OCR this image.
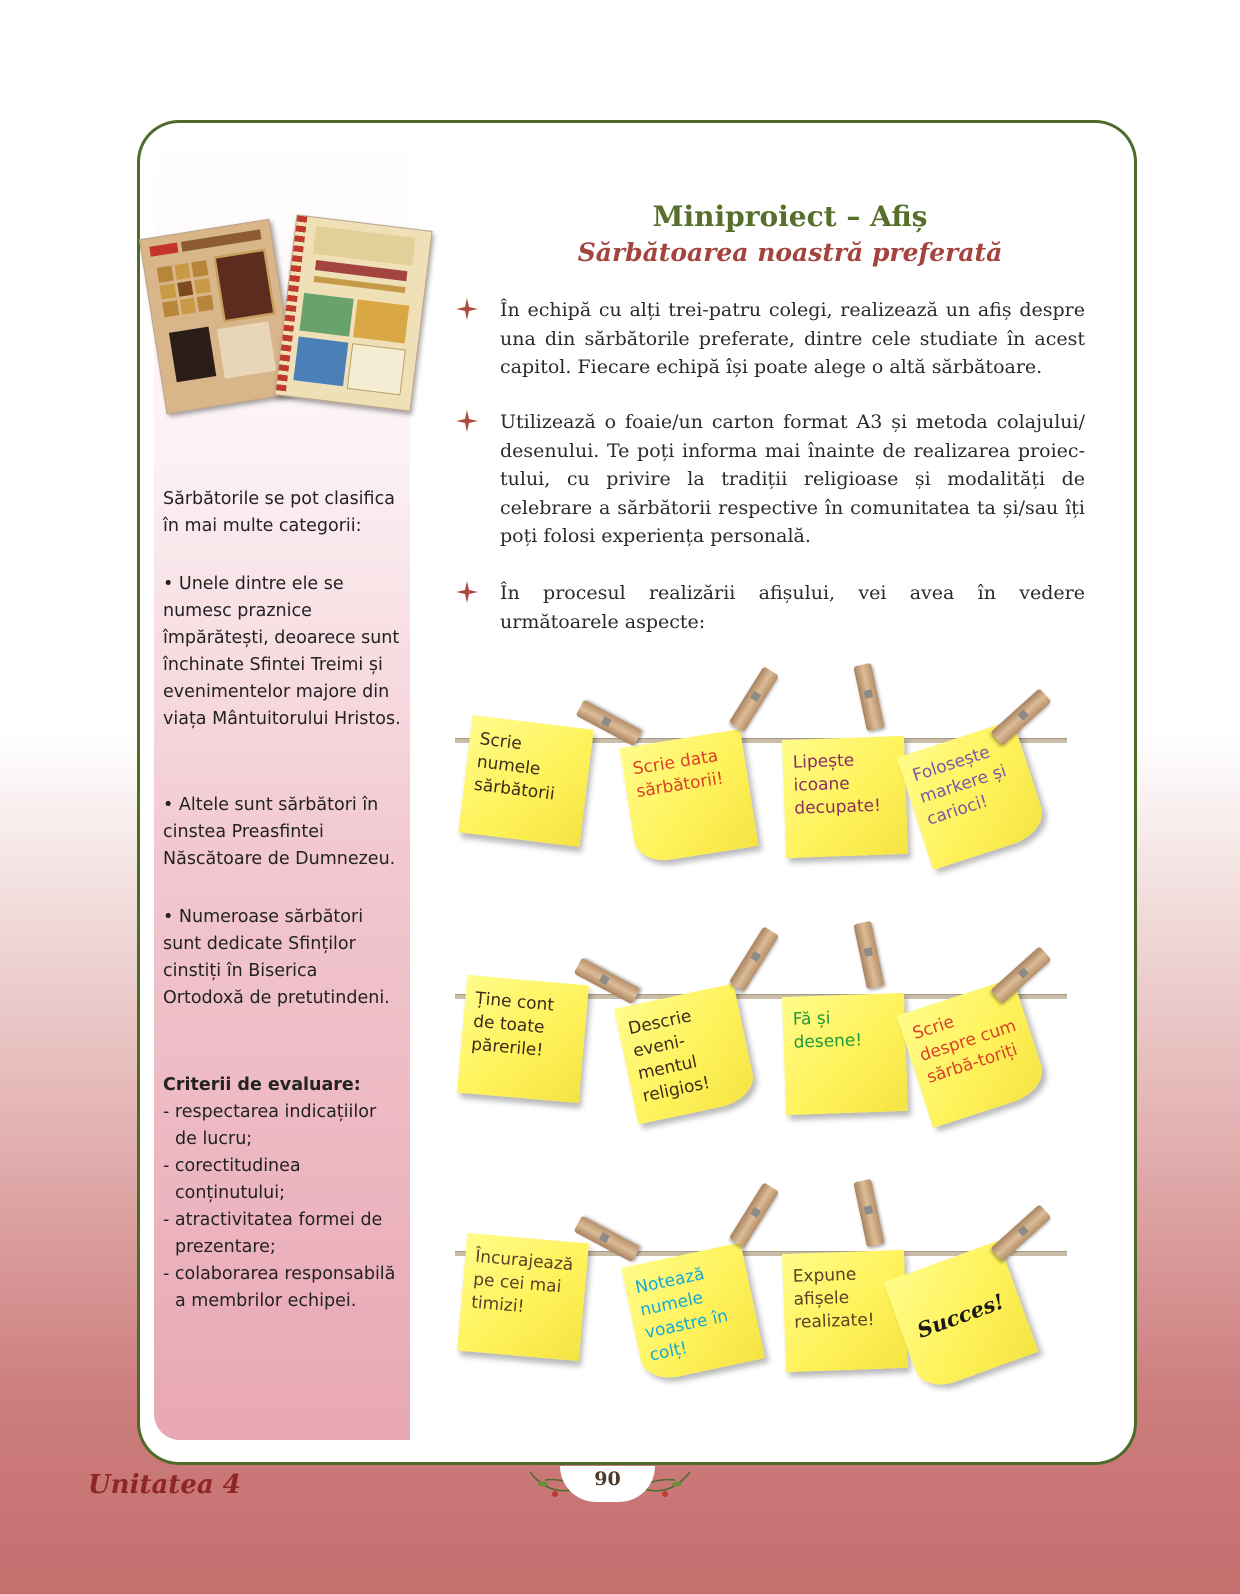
Sărbătorile se pot clasifica în mai multe categorii:

• Unele dintre ele se numesc praznice împărătești, deoarece sunt închinate Sfintei Treimi și evenimentelor majore din viața Mântuitorului Hristos.

• Altele sunt sărbători în cinstea Preasfintei Născătoare de Dumnezeu.

• Numeroase sărbători sunt dedicate Sfinților cinstiți în Biserica Ortodoxă de pretutindeni.

Criterii de evaluare:

- respectarea indicațiilor de lucru;
- corectitudinea conținutului;
- atractivitatea formei de prezentare;
- colaborarea responsabilă a membrilor echipei.
Miniproiect – Afiș
Sărbătoarea noastră preferată

În echipă cu alți trei-patru colegi, realizează un afiș despre una din sărbătorile preferate, dintre cele studiate în acest capitol. Fiecare echipă își poate alege o altă sărbătoare.

Utilizează o foaie/un carton format A3 și metoda colajului/ desenului. Te poți informa mai înainte de realizarea proiec-tului, cu privire la tradiții religioase și modalități de celebrare a sărbătorii respective în comunitatea ta și/sau îți poți folosi experiența personală.

În procesul realizării afișului, vei avea în vedere următoarele aspecte:

Scrie numele sărbătorii
Scrie data sărbătorii!
Lipește icoane decupate!
Folosește markere și carioci!
Ține cont de toate părerile!
Descrie eveni-mentul religios!
Fă și desene!	Scrie despre cum sărbă-toriți
Încurajează pe cei mai timizi!
Notează numele voastre în colț!
Expune afișele realizate!	Succes!
90
Unitatea 4
